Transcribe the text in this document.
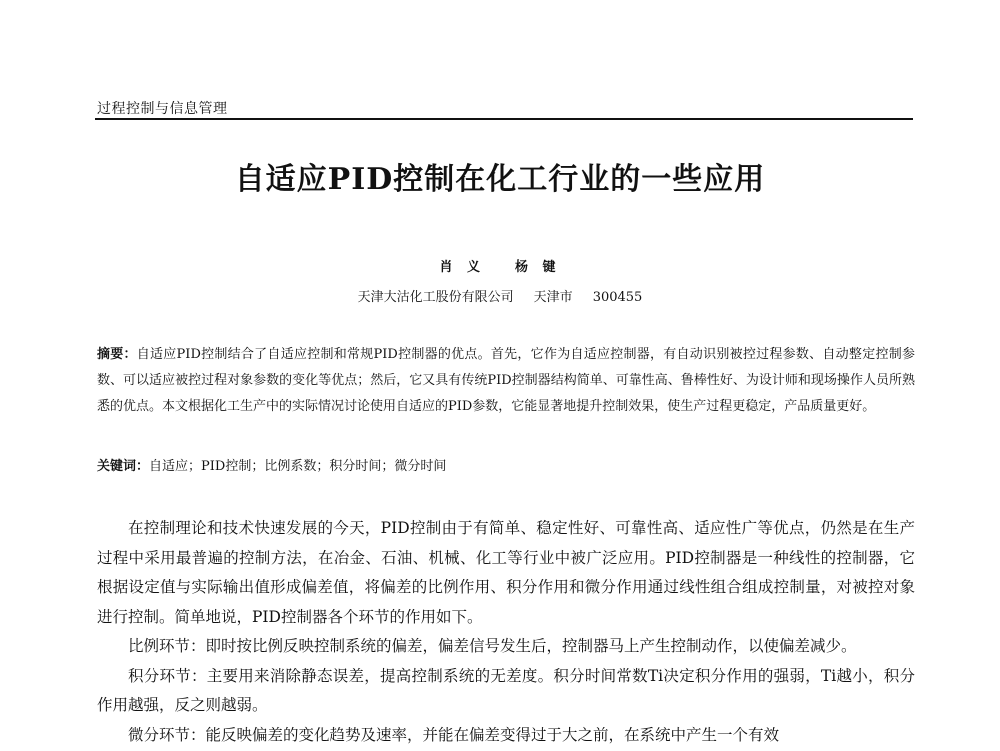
过程控制与信息管理
自适应PID控制在化工行业的一些应用
肖 义 杨 键
天津大沽化工股份有限公司 天津市 300455
摘要：自适应PID控制结合了自适应控制和常规PID控制器的优点。首先，它作为自适应控制器，有自动识别被控过程参数、自动整定控制参数、可以适应被控过程对象参数的变化等优点；然后，它又具有传统PID控制器结构简单、可靠性高、鲁棒性好、为设计师和现场操作人员所熟悉的优点。本文根据化工生产中的实际情况讨论使用自适应的PID参数，它能显著地提升控制效果，使生产过程更稳定，产品质量更好。
关键词：自适应；PID控制；比例系数；积分时间；微分时间

在控制理论和技术快速发展的今天，PID控制由于有简单、稳定性好、可靠性高、适应性广等优点，仍然是在生产过程中采用最普遍的控制方法，在冶金、石油、机械、化工等行业中被广泛应用。PID控制器是一种线性的控制器，它根据设定值与实际输出值形成偏差值，将偏差的比例作用、积分作用和微分作用通过线性组合组成控制量，对被控对象进行控制。简单地说，PID控制器各个环节的作用如下。

比例环节：即时按比例反映控制系统的偏差，偏差信号发生后，控制器马上产生控制动作，以使偏差减少。

积分环节：主要用来消除静态误差，提高控制系统的无差度。积分时间常数Ti决定积分作用的强弱，Ti越小，积分作用越强，反之则越弱。

微分环节：能反映偏差的变化趋势及速率，并能在偏差变得过于大之前，在系统中产生一个有效
